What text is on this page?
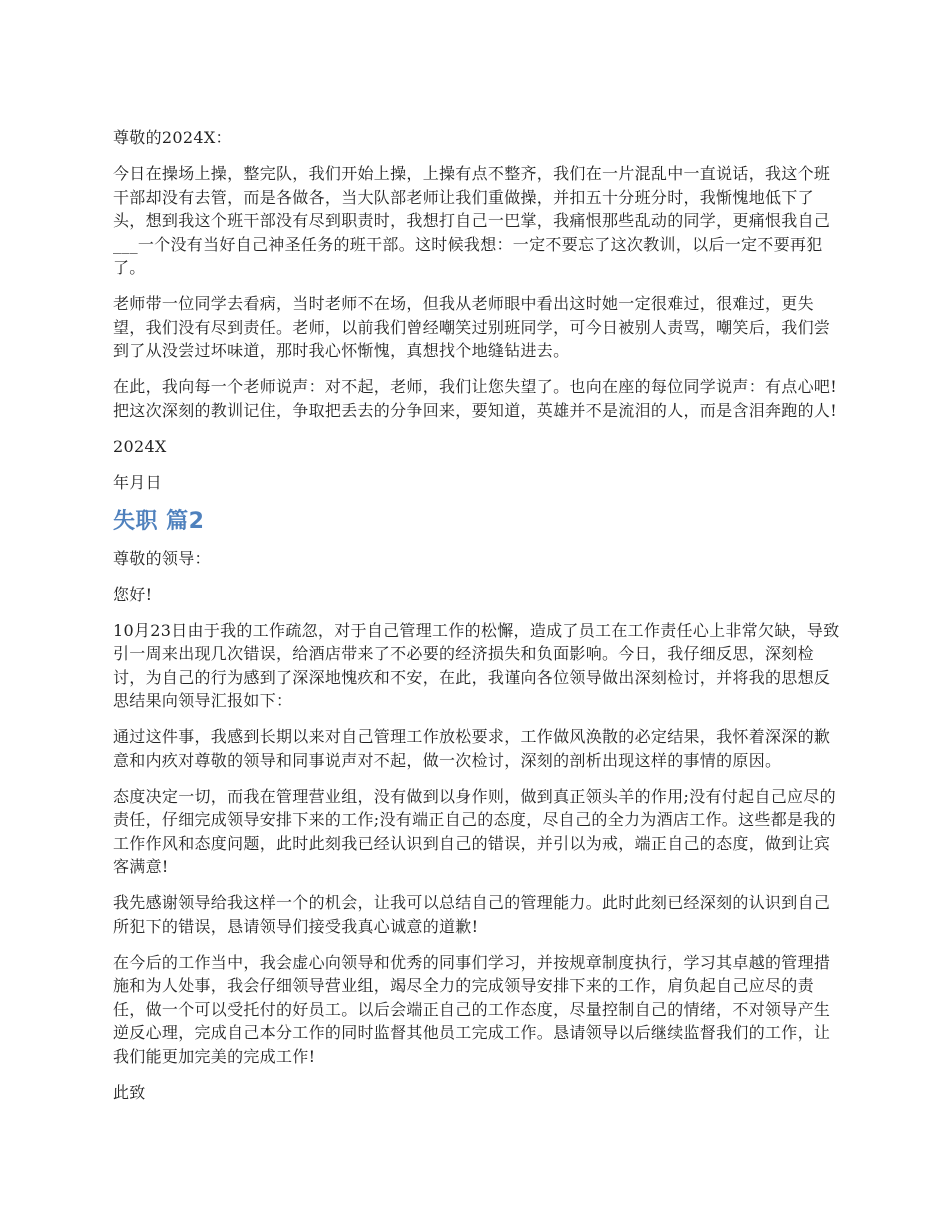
尊敬的2024X：

今日在操场上操，整完队，我们开始上操，上操有点不整齐，我们在一片混乱中一直说话，我这个班干部却没有去管，而是各做各，当大队部老师让我们重做操，并扣五十分班分时，我惭愧地低下了头，想到我这个班干部没有尽到职责时，我想打自己一巴掌，我痛恨那些乱动的同学，更痛恨我自己___一个没有当好自己神圣任务的班干部。这时候我想：一定不要忘了这次教训，以后一定不要再犯了。

老师带一位同学去看病，当时老师不在场，但我从老师眼中看出这时她一定很难过，很难过，更失望，我们没有尽到责任。老师，以前我们曾经嘲笑过别班同学，可今日被别人责骂，嘲笑后，我们尝到了从没尝过坏味道，那时我心怀惭愧，真想找个地缝钻进去。

在此，我向每一个老师说声：对不起，老师，我们让您失望了。也向在座的每位同学说声：有点心吧!把这次深刻的教训记住，争取把丢去的分争回来，要知道，英雄并不是流泪的人，而是含泪奔跑的人!

2024X

年月日

失职 篇2

尊敬的领导：

您好!

10月23日由于我的工作疏忽，对于自己管理工作的松懈，造成了员工在工作责任心上非常欠缺，导致引一周来出现几次错误，给酒店带来了不必要的经济损失和负面影响。今日，我仔细反思，深刻检讨，为自己的行为感到了深深地愧疚和不安，在此，我谨向各位领导做出深刻检讨，并将我的思想反思结果向领导汇报如下：

通过这件事，我感到长期以来对自己管理工作放松要求，工作做风涣散的必定结果，我怀着深深的歉意和内疚对尊敬的领导和同事说声对不起，做一次检讨，深刻的剖析出现这样的事情的原因。

态度决定一切，而我在管理营业组，没有做到以身作则，做到真正领头羊的作用;没有付起自己应尽的责任，仔细完成领导安排下来的工作;没有端正自己的态度，尽自己的全力为酒店工作。这些都是我的工作作风和态度问题，此时此刻我已经认识到自己的错误，并引以为戒，端正自己的态度，做到让宾客满意!

我先感谢领导给我这样一个的机会，让我可以总结自己的管理能力。此时此刻已经深刻的认识到自己所犯下的错误，恳请领导们接受我真心诚意的道歉!

在今后的工作当中，我会虚心向领导和优秀的同事们学习，并按规章制度执行，学习其卓越的管理措施和为人处事，我会仔细领导营业组，竭尽全力的完成领导安排下来的工作，肩负起自己应尽的责任，做一个可以受托付的好员工。以后会端正自己的工作态度，尽量控制自己的情绪，不对领导产生逆反心理，完成自己本分工作的同时监督其他员工完成工作。恳请领导以后继续监督我们的工作，让我们能更加完美的完成工作!

此致
